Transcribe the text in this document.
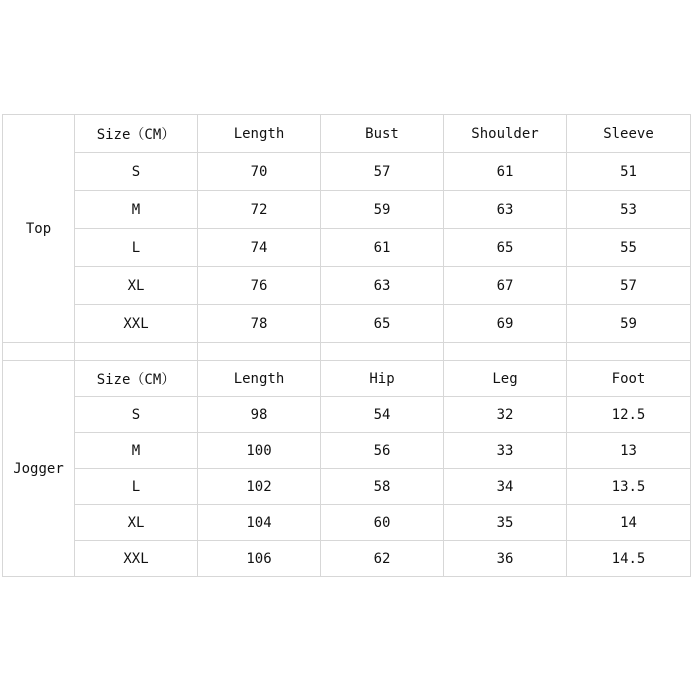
Top	Size（CM）	Length	Bust	Shoulder	Sleeve
	S	70	57	61	51
	M	72	59	63	53
	L	74	61	65	55
	XL	76	63	67	57
	XXL	78	65	69	59

Jogger	Size（CM）	Length	Hip	Leg	Foot
	S	98	54	32	12.5
	M	100	56	33	13
	L	102	58	34	13.5
	XL	104	60	35	14
	XXL	106	62	36	14.5
